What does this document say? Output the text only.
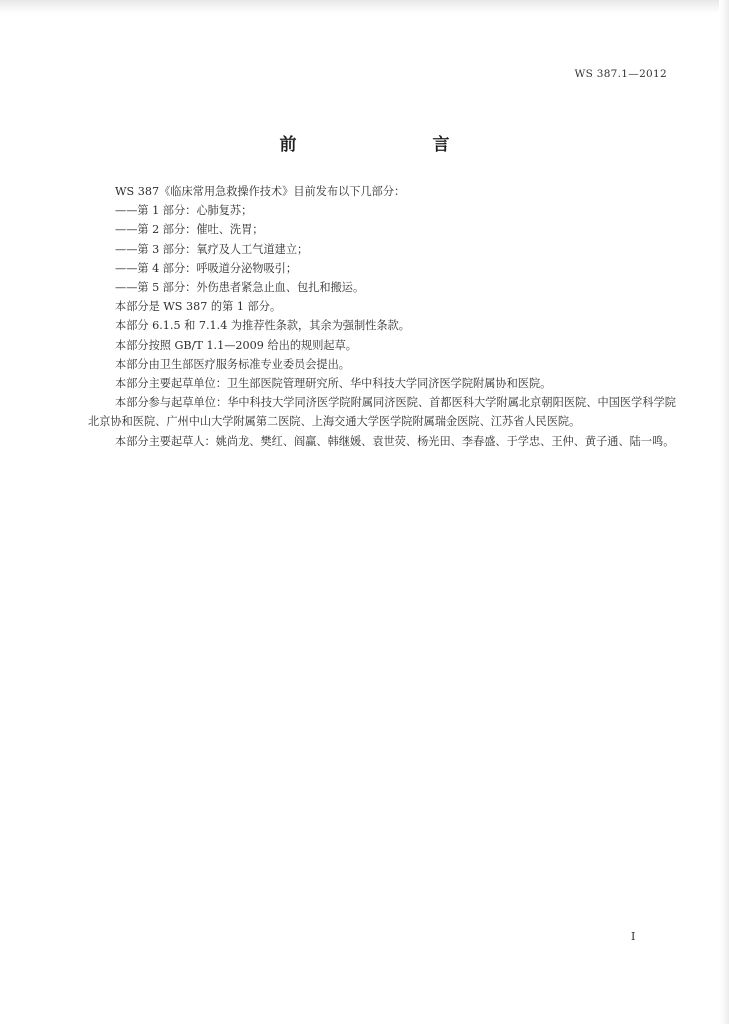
WS 387.1—2012
前　　言

WS 387《临床常用急救操作技术》目前发布以下几部分：

——第 1 部分：心肺复苏；

——第 2 部分：催吐、洗胃；

——第 3 部分：氧疗及人工气道建立；

——第 4 部分：呼吸道分泌物吸引；

——第 5 部分：外伤患者紧急止血、包扎和搬运。

本部分是 WS 387 的第 1 部分。

本部分 6.1.5 和 7.1.4 为推荐性条款，其余为强制性条款。

本部分按照 GB/T 1.1—2009 给出的规则起草。

本部分由卫生部医疗服务标准专业委员会提出。

本部分主要起草单位：卫生部医院管理研究所、华中科技大学同济医学院附属协和医院。

本部分参与起草单位：华中科技大学同济医学院附属同济医院、首都医科大学附属北京朝阳医院、中国医学科学院北京协和医院、广州中山大学附属第二医院、上海交通大学医学院附属瑞金医院、江苏省人民医院。

本部分主要起草人：姚尚龙、樊红、阎赢、韩继媛、袁世荧、杨光田、李春盛、于学忠、王仲、黄子通、陆一鸣。

I
